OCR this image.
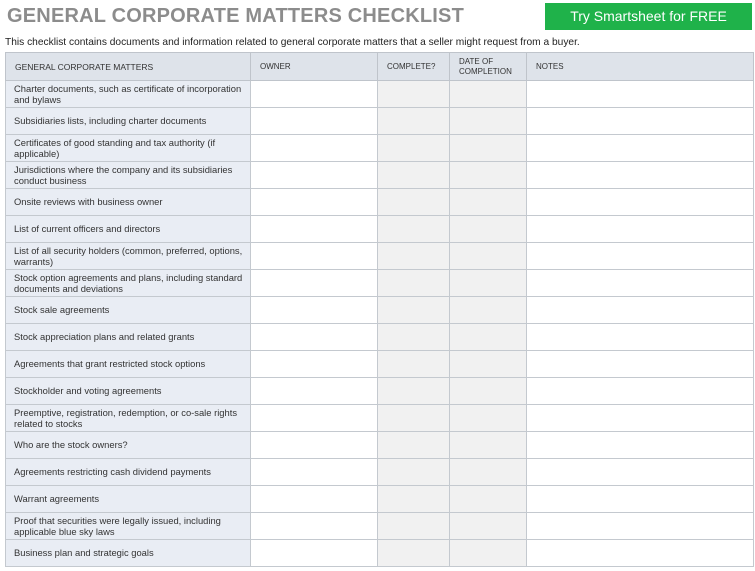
GENERAL CORPORATE MATTERS CHECKLIST	Try Smartsheet for FREE
This checklist contains documents and information related to general corporate matters that a seller might request from a buyer.
GENERAL CORPORATE MATTERS	OWNER	COMPLETE?	DATE OF COMPLETION	NOTES
Charter documents, such as certificate of incorporation and bylaws				
Subsidiaries lists, including charter documents				
Certificates of good standing and tax authority (if applicable)				
Jurisdictions where the company and its subsidiaries conduct business				
Onsite reviews with business owner				
List of current officers and directors				
List of all security holders (common, preferred, options, warrants)				
Stock option agreements and plans, including standard documents and deviations				
Stock sale agreements				
Stock appreciation plans and related grants				
Agreements that grant restricted stock options				
Stockholder and voting agreements				
Preemptive, registration, redemption, or co-sale rights related to stocks				
Who are the stock owners?				
Agreements restricting cash dividend payments				
Warrant agreements				
Proof that securities were legally issued, including applicable blue sky laws				
Business plan and strategic goals				
